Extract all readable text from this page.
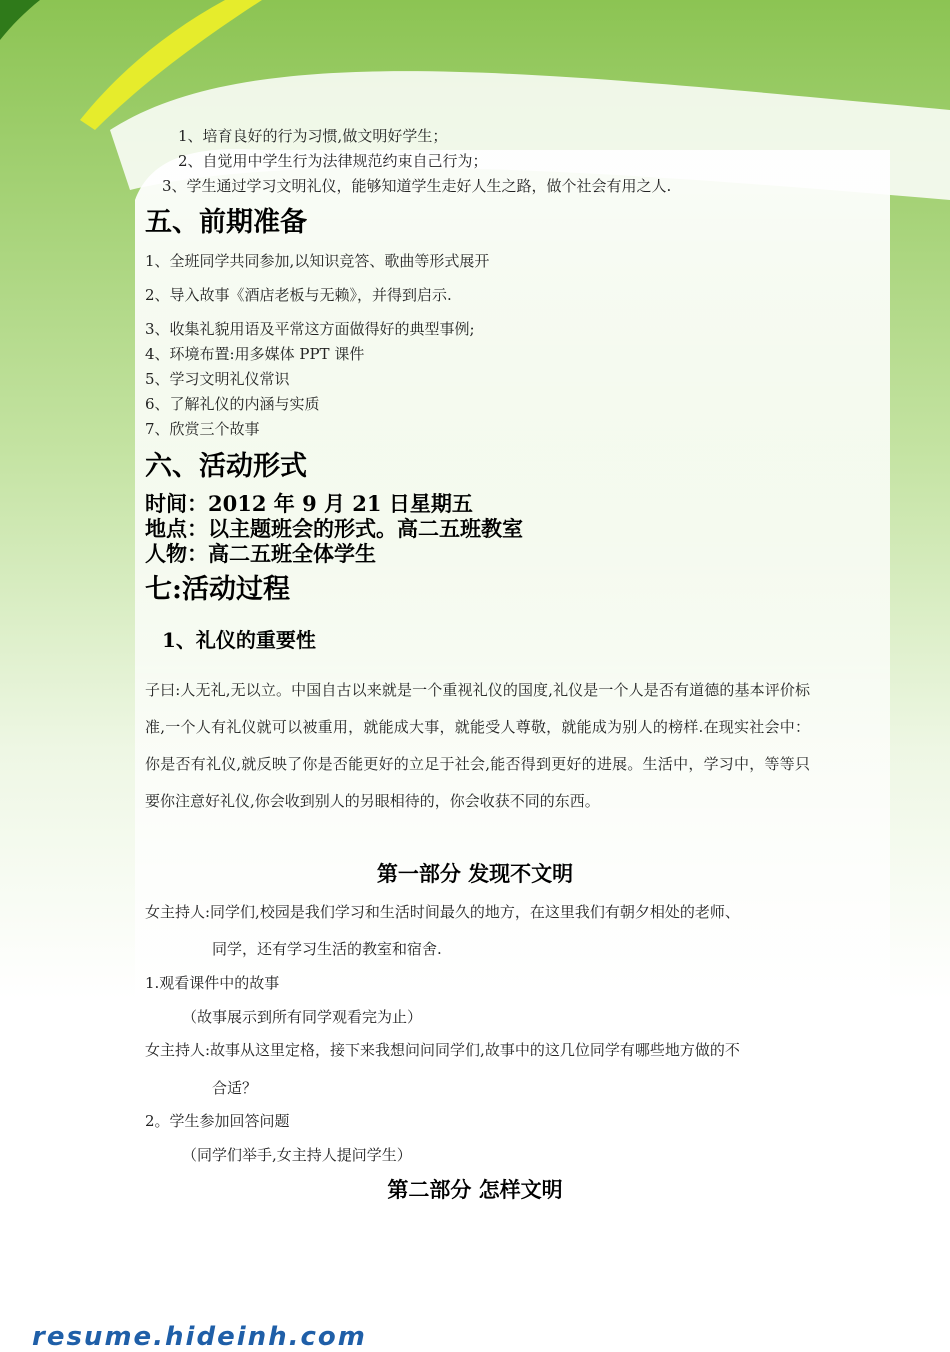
1、培育良好的行为习惯,做文明好学生；
2、自觉用中学生行为法律规范约束自己行为；
3、学生通过学习文明礼仪，能够知道学生走好人生之路，做个社会有用之人.
五、前期准备
1、全班同学共同参加,以知识竞答、歌曲等形式展开
2、导入故事《酒店老板与无赖》，并得到启示.
3、收集礼貌用语及平常这方面做得好的典型事例;
4、环境布置:用多媒体 PPT 课件
5、学习文明礼仪常识
6、了解礼仪的内涵与实质
7、欣赏三个故事
六、活动形式
时间：2012 年 9 月 21 日星期五
地点：以主题班会的形式。高二五班教室
人物：高二五班全体学生
七:活动过程
1、礼仪的重要性
子曰:人无礼,无以立。中国自古以来就是一个重视礼仪的国度,礼仪是一个人是否有道德的基本评价标准,一个人有礼仪就可以被重用，就能成大事，就能受人尊敬，就能成为别人的榜样.在现实社会中：你是否有礼仪,就反映了你是否能更好的立足于社会,能否得到更好的进展。生活中，学习中，等等只要你注意好礼仪,你会收到别人的另眼相待的，你会收获不同的东西。
第一部分 发现不文明
女主持人:同学们,校园是我们学习和生活时间最久的地方，在这里我们有朝夕相处的老师、
同学，还有学习生活的教室和宿舍.
1.观看课件中的故事
（故事展示到所有同学观看完为止）
女主持人:故事从这里定格，接下来我想问问同学们,故事中的这几位同学有哪些地方做的不
合适？
2。学生参加回答问题
（同学们举手,女主持人提问学生）
第二部分 怎样文明
resume.hideinh.com
